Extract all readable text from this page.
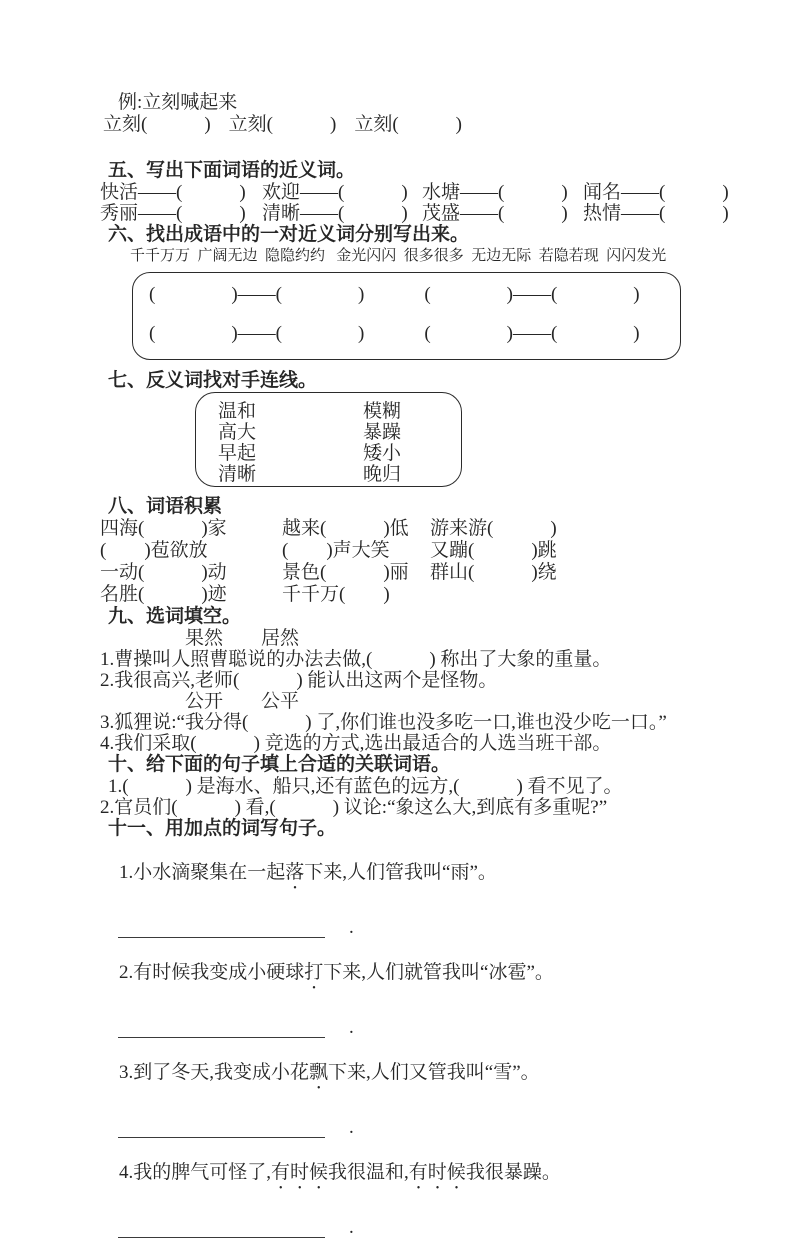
例:立刻喊起来

立刻(　　　) 立刻(　　　) 立刻(　　　)
五、写出下面词语的近义词。
快活——(　　　) 欢迎——(　　　) 水塘——(　　　) 闻名——(　　　)
秀丽——(　　　) 清晰——(　　　) 茂盛——(　　　) 热情——(　　　)
六、找出成语中的一对近义词分别写出来。

千千万万  广阔无边  隐隐约约   金光闪闪  很多很多  无边无际  若隐若现  闪闪发光

(　　　　)——(　　　　)	(　　　　)——(　　　　)
(　　　　)——(　　　　)	(　　　　)——(　　　　)
七、反义词找对手连线。
温和	模糊
高大	暴躁
早起	矮小
清晰	晚归
八、词语积累
四海(　　　)家	越来(　　　)低	游来游(　　　)
(　　)苞欲放	(　　)声大笑	又蹦(　　　)跳
一动(　　　)动	景色(　　　)丽	群山(　　　)绕
名胜(　　　)迹	千千万(　　)
九、选词填空。

果然　　居然

1.曹操叫人照曹聪说的办法去做,(　　　) 称出了大象的重量。

2.我很高兴,老师(　　　) 能认出这两个是怪物。

公开　　公平

3.狐狸说:“我分得(　　　) 了,你们谁也没多吃一口,谁也没少吃一口。”

4.我们采取(　　　) 竞选的方式,选出最适合的人选当班干部。

十、给下面的句子填上合适的关联词语。

1.(　　　) 是海水、船只,还有蓝色的远方,(　　　) 看不见了。

2.官员们(　　　) 看,(　　　) 议论:“象这么大,到底有多重呢?”

十一、用加点的词写句子。

1.小水滴聚集在一起落下来,人们管我叫“雨”。

.

2.有时候我变成小硬球打下来,人们就管我叫“冰雹”。

.

3.到了冬天,我变成小花飘下来,人们又管我叫“雪”。

.

4.我的脾气可怪了,有时候我很温和,有时候我很暴躁。

.
